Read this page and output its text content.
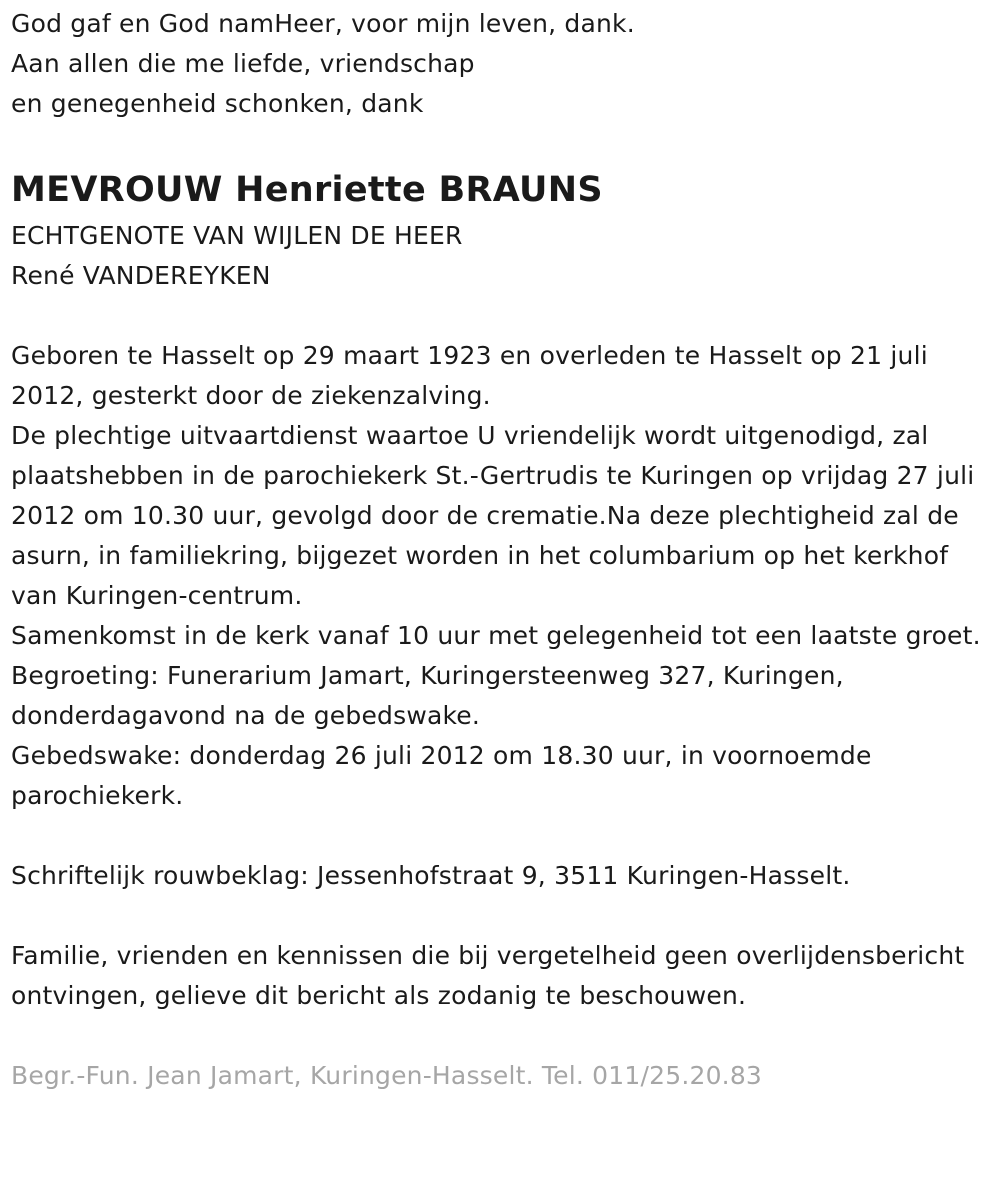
God gaf en God namHeer, voor mijn leven, dank.
Aan allen die me liefde, vriendschap
en genegenheid schonken, dank
MEVROUW Henriette BRAUNS
ECHTGENOTE VAN WIJLEN DE HEER
René VANDEREYKEN
Geboren te Hasselt op 29 maart 1923 en overleden te Hasselt op 21 juli 2012, gesterkt door de ziekenzalving.
De plechtige uitvaartdienst waartoe U vriendelijk wordt uitgenodigd, zal plaatshebben in de parochiekerk St.-Gertrudis te Kuringen op vrijdag 27 juli 2012 om 10.30 uur, gevolgd door de crematie.Na deze plechtigheid zal de asurn, in familiekring, bijgezet worden in het columbarium op het kerkhof van Kuringen-centrum.
Samenkomst in de kerk vanaf 10 uur met gelegenheid tot een laatste groet.
Begroeting: Funerarium Jamart, Kuringersteenweg 327, Kuringen, donderdagavond na de gebedswake.
Gebedswake: donderdag 26 juli 2012 om 18.30 uur, in voornoemde parochiekerk.
Schriftelijk rouwbeklag: Jessenhofstraat 9, 3511 Kuringen-Hasselt.
Familie, vrienden en kennissen die bij vergetelheid geen overlijdensbericht ontvingen, gelieve dit bericht als zodanig te beschouwen.
Begr.-Fun. Jean Jamart, Kuringen-Hasselt. Tel. 011/25.20.83
